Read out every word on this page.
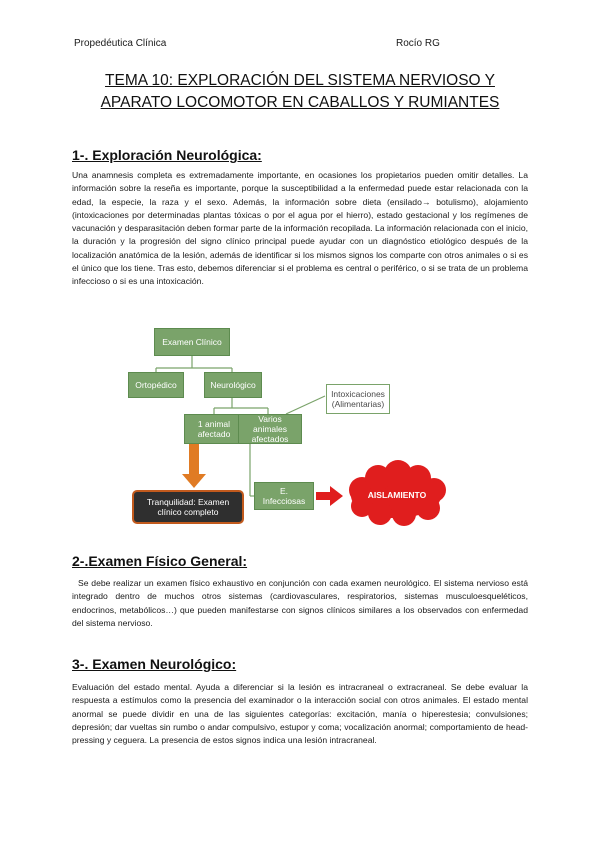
Propedéutica Clínica	Rocío RG
TEMA 10: EXPLORACIÓN DEL SISTEMA NERVIOSO Y
APARATO LOCOMOTOR EN CABALLOS Y RUMIANTES
1-. Exploración Neurológica:

Una anamnesis completa es extremadamente importante, en ocasiones los propietarios pueden omitir detalles. La información sobre la reseña es importante, porque la susceptibilidad a la enfermedad puede estar relacionada con la edad, la especie, la raza y el sexo. Además, la información sobre dieta (ensilado→ botulismo), alojamiento (intoxicaciones por determinadas plantas tóxicas o por el agua por el hierro), estado gestacional y los regímenes de vacunación y desparasitación deben formar parte de la información recopilada. La información relacionada con el inicio, la duración y la progresión del signo clínico principal puede ayudar con un diagnóstico etiológico después de la localización anatómica de la lesión, además de identificar si los mismos signos los comparte con otros animales o si es el único que los tiene. Tras esto, debemos diferenciar si el problema es central o periférico, o si se trata de un problema infeccioso o si es una intoxicación.

Examen Clínico
Ortopédico	Neurológico
1 animal afectado
Varios animales afectados
Intoxicaciones (Alimentarias)
Tranquilidad: Examen clínico completo
E. Infecciosas
AISLAMIENTO
2-.Examen Físico General:

Se debe realizar un examen físico exhaustivo en conjunción con cada examen neurológico. El sistema nervioso está integrado dentro de muchos otros sistemas (cardiovasculares, respiratorios, sistemas musculoesqueléticos, endocrinos, metabólicos…) que pueden manifestarse con signos clínicos similares a los observados con enfermedad del sistema nervioso.

3-. Examen Neurológico:

Evaluación del estado mental. Ayuda a diferenciar si la lesión es intracraneal o extracraneal. Se debe evaluar la respuesta a estímulos como la presencia del examinador o la interacción social con otros animales. El estado mental anormal se puede dividir en una de las siguientes categorías: excitación, manía o hiperestesia; convulsiones; depresión; dar vueltas sin rumbo o andar compulsivo, estupor y coma; vocalización anormal; comportamiento de head-pressing y ceguera. La presencia de estos signos indica una lesión intracraneal.
